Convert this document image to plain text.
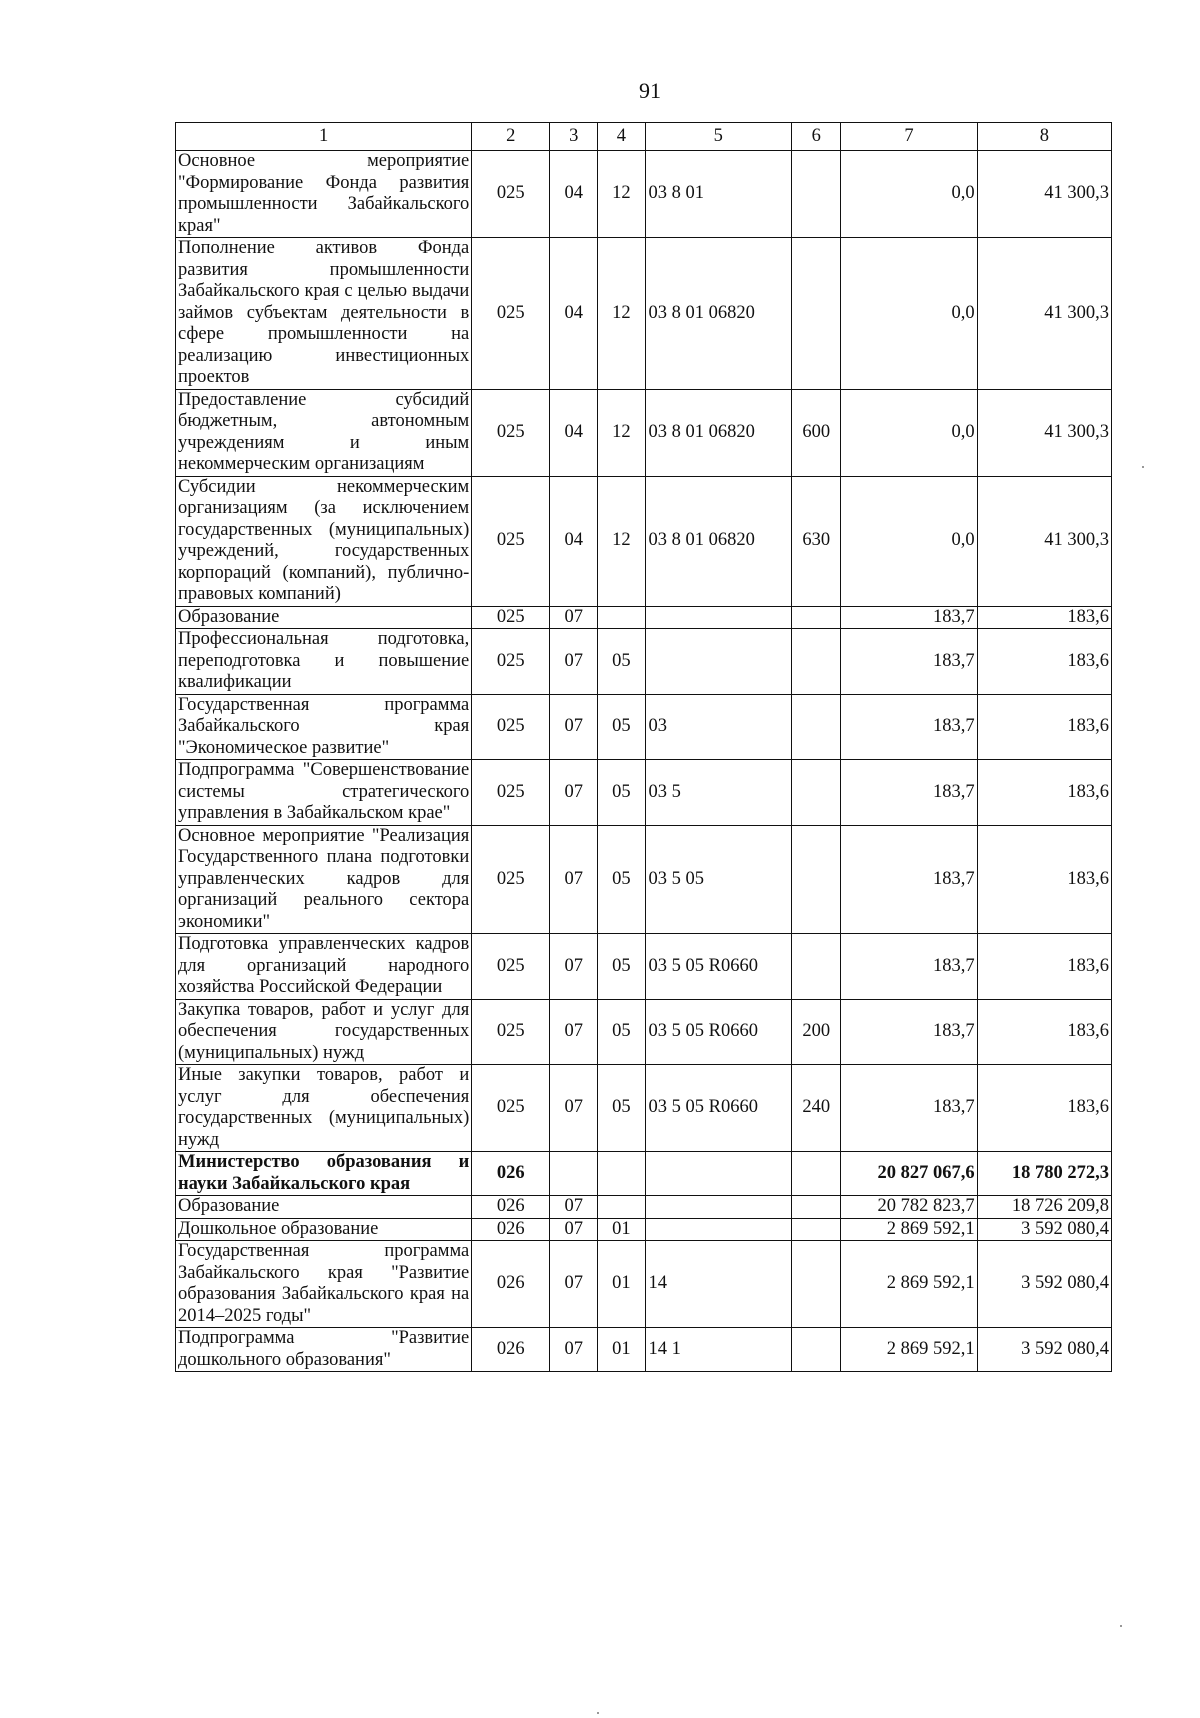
91
1	2	3	4	5	6	7	8
Основное мероприятие "Формирование Фонда развития промышленности Забайкальского края"	025	04	12	03 8 01		0,0	41 300,3
Пополнение активов Фонда развития промышленности Забайкальского края с целью выдачи займов субъектам деятельности в сфере промышленности на реализацию инвестиционных проектов	025	04	12	03 8 01 06820		0,0	41 300,3
Предоставление субсидий бюджетным, автономным учреждениям и иным некоммерческим организациям	025	04	12	03 8 01 06820	600	0,0	41 300,3
Субсидии некоммерческим организациям (за исключением государственных (муниципальных) учреждений, государственных корпораций (компаний), публично-правовых компаний)	025	04	12	03 8 01 06820	630	0,0	41 300,3
Образование	025	07				183,7	183,6
Профессиональная подготовка, переподготовка и повышение квалификации	025	07	05			183,7	183,6
Государственная программа Забайкальского края "Экономическое развитие"	025	07	05	03		183,7	183,6
Подпрограмма "Совершенствование системы стратегического управления в Забайкальском крае"	025	07	05	03 5		183,7	183,6
Основное мероприятие "Реализация Государственного плана подготовки управленческих кадров для организаций реального сектора экономики"	025	07	05	03 5 05		183,7	183,6
Подготовка управленческих кадров для организаций народного хозяйства Российской Федерации	025	07	05	03 5 05 R0660		183,7	183,6
Закупка товаров, работ и услуг для обеспечения государственных (муниципальных) нужд	025	07	05	03 5 05 R0660	200	183,7	183,6
Иные закупки товаров, работ и услуг для обеспечения государственных (муниципальных) нужд	025	07	05	03 5 05 R0660	240	183,7	183,6
Министерство образования и науки Забайкальского края	026					20 827 067,6	18 780 272,3
Образование	026	07				20 782 823,7	18 726 209,8
Дошкольное образование	026	07	01			2 869 592,1	3 592 080,4
Государственная программа Забайкальского края "Развитие образования Забайкальского края на 2014–2025 годы"	026	07	01	14		2 869 592,1	3 592 080,4
Подпрограмма "Развитие дошкольного образования"	026	07	01	14 1		2 869 592,1	3 592 080,4
